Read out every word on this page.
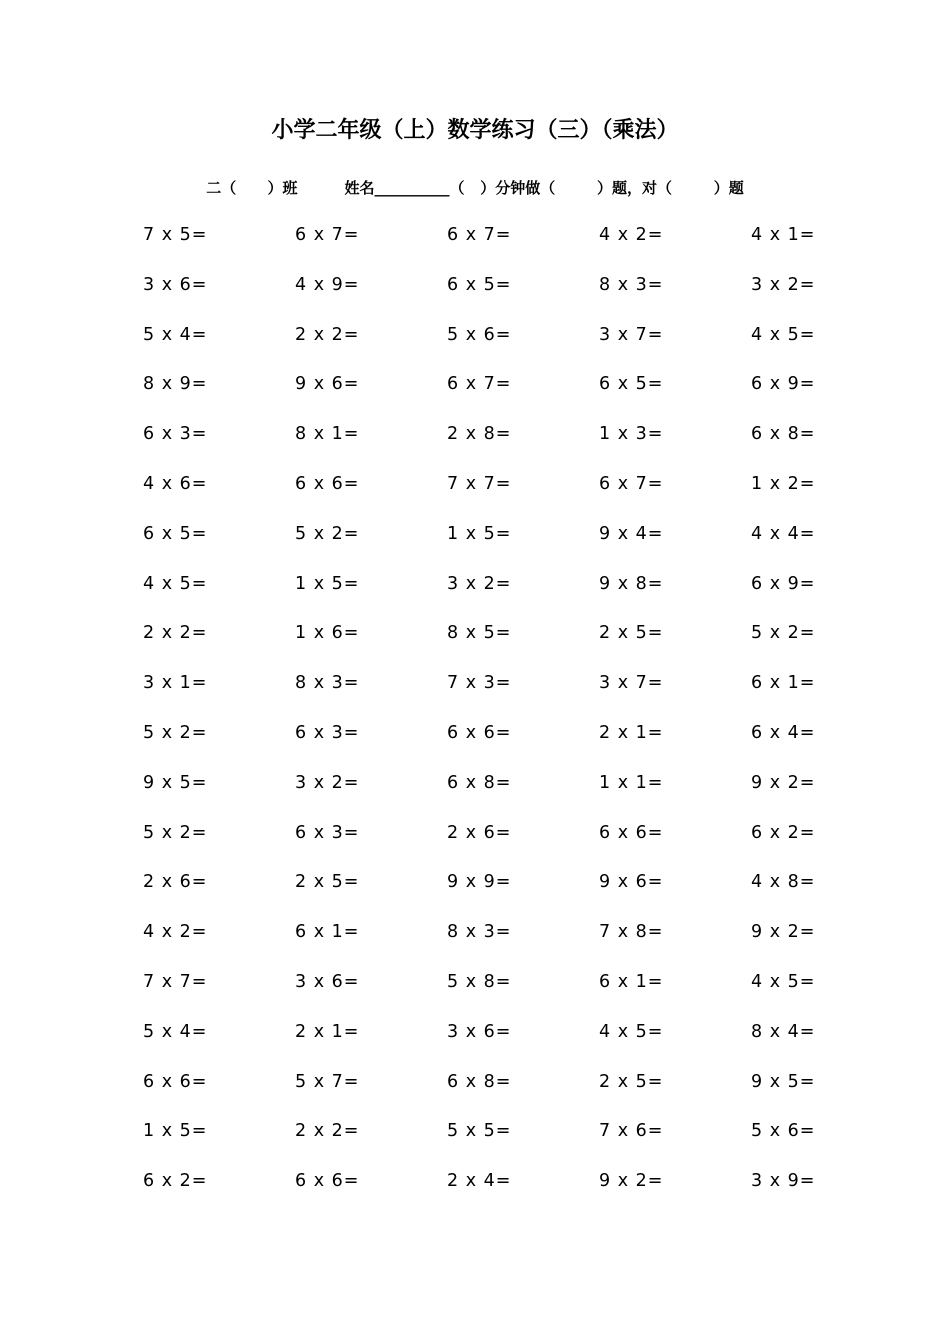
小学二年级（上）数学练习（三）（乘法）
二（      ）班         姓名__________（   ）分钟做（        ）题，对（        ）题
7 x 5=	6 x 7=	6 x 7=	4 x 2=	4 x 1=
3 x 6=	4 x 9=	6 x 5=	8 x 3=	3 x 2=
5 x 4=	2 x 2=	5 x 6=	3 x 7=	4 x 5=
8 x 9=	9 x 6=	6 x 7=	6 x 5=	6 x 9=
6 x 3=	8 x 1=	2 x 8=	1 x 3=	6 x 8=
4 x 6=	6 x 6=	7 x 7=	6 x 7=	1 x 2=
6 x 5=	5 x 2=	1 x 5=	9 x 4=	4 x 4=
4 x 5=	1 x 5=	3 x 2=	9 x 8=	6 x 9=
2 x 2=	1 x 6=	8 x 5=	2 x 5=	5 x 2=
3 x 1=	8 x 3=	7 x 3=	3 x 7=	6 x 1=
5 x 2=	6 x 3=	6 x 6=	2 x 1=	6 x 4=
9 x 5=	3 x 2=	6 x 8=	1 x 1=	9 x 2=
5 x 2=	6 x 3=	2 x 6=	6 x 6=	6 x 2=
2 x 6=	2 x 5=	9 x 9=	9 x 6=	4 x 8=
4 x 2=	6 x 1=	8 x 3=	7 x 8=	9 x 2=
7 x 7=	3 x 6=	5 x 8=	6 x 1=	4 x 5=
5 x 4=	2 x 1=	3 x 6=	4 x 5=	8 x 4=
6 x 6=	5 x 7=	6 x 8=	2 x 5=	9 x 5=
1 x 5=	2 x 2=	5 x 5=	7 x 6=	5 x 6=
6 x 2=	6 x 6=	2 x 4=	9 x 2=	3 x 9=
